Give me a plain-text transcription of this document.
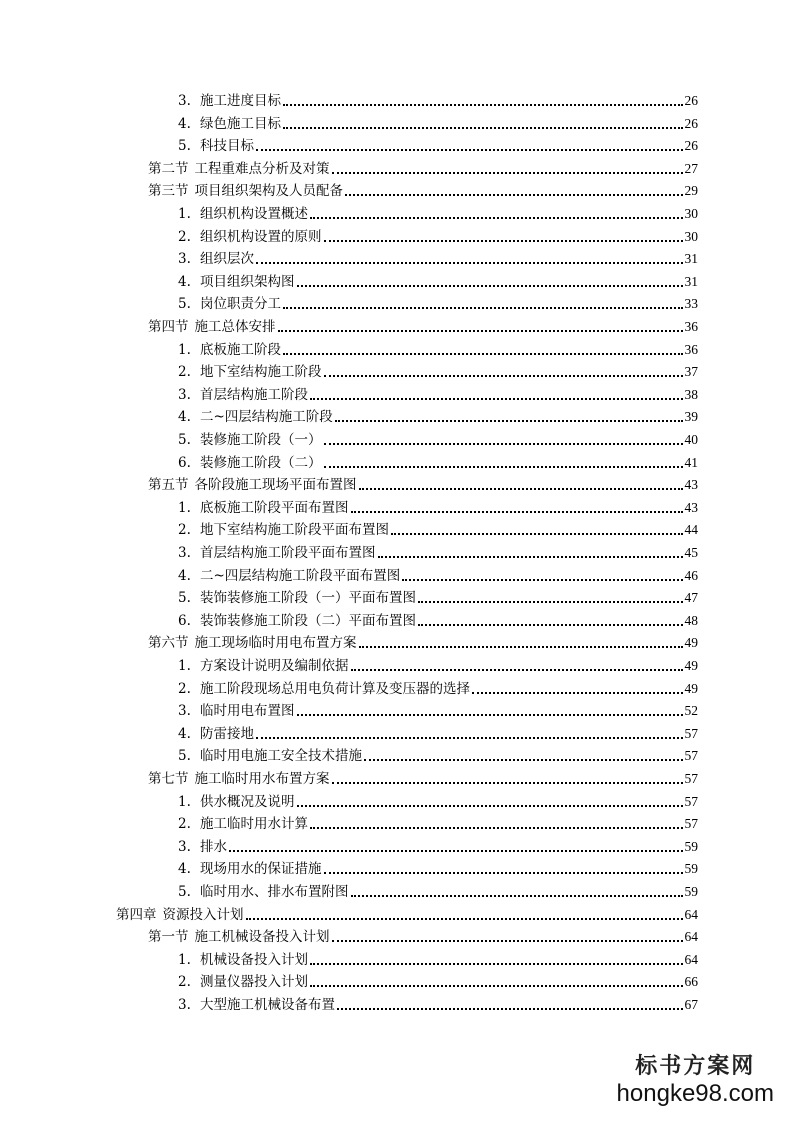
3. 施工进度目标	26
4. 绿色施工目标	26
5. 科技目标	26
第二节 工程重难点分析及对策	27
第三节 项目组织架构及人员配备	29
1. 组织机构设置概述	30
2. 组织机构设置的原则	30
3. 组织层次	31
4. 项目组织架构图	31
5. 岗位职责分工	33
第四节 施工总体安排	36
1. 底板施工阶段	36
2. 地下室结构施工阶段	37
3. 首层结构施工阶段	38
4. 二~四层结构施工阶段	39
5. 装修施工阶段（一）	40
6. 装修施工阶段（二）	41
第五节 各阶段施工现场平面布置图	43
1. 底板施工阶段平面布置图	43
2. 地下室结构施工阶段平面布置图	44
3. 首层结构施工阶段平面布置图	45
4. 二~四层结构施工阶段平面布置图	46
5. 装饰装修施工阶段（一）平面布置图	47
6. 装饰装修施工阶段（二）平面布置图	48
第六节 施工现场临时用电布置方案	49
1. 方案设计说明及编制依据	49
2. 施工阶段现场总用电负荷计算及变压器的选择	49
3. 临时用电布置图	52
4. 防雷接地	57
5. 临时用电施工安全技术措施	57
第七节 施工临时用水布置方案	57
1. 供水概况及说明	57
2. 施工临时用水计算	57
3. 排水	59
4. 现场用水的保证措施	59
5. 临时用水、排水布置附图	59
第四章 资源投入计划	64
第一节 施工机械设备投入计划	64
1. 机械设备投入计划	64
2. 测量仪器投入计划	66
3. 大型施工机械设备布置	67
标书方案网
hongke98.com
